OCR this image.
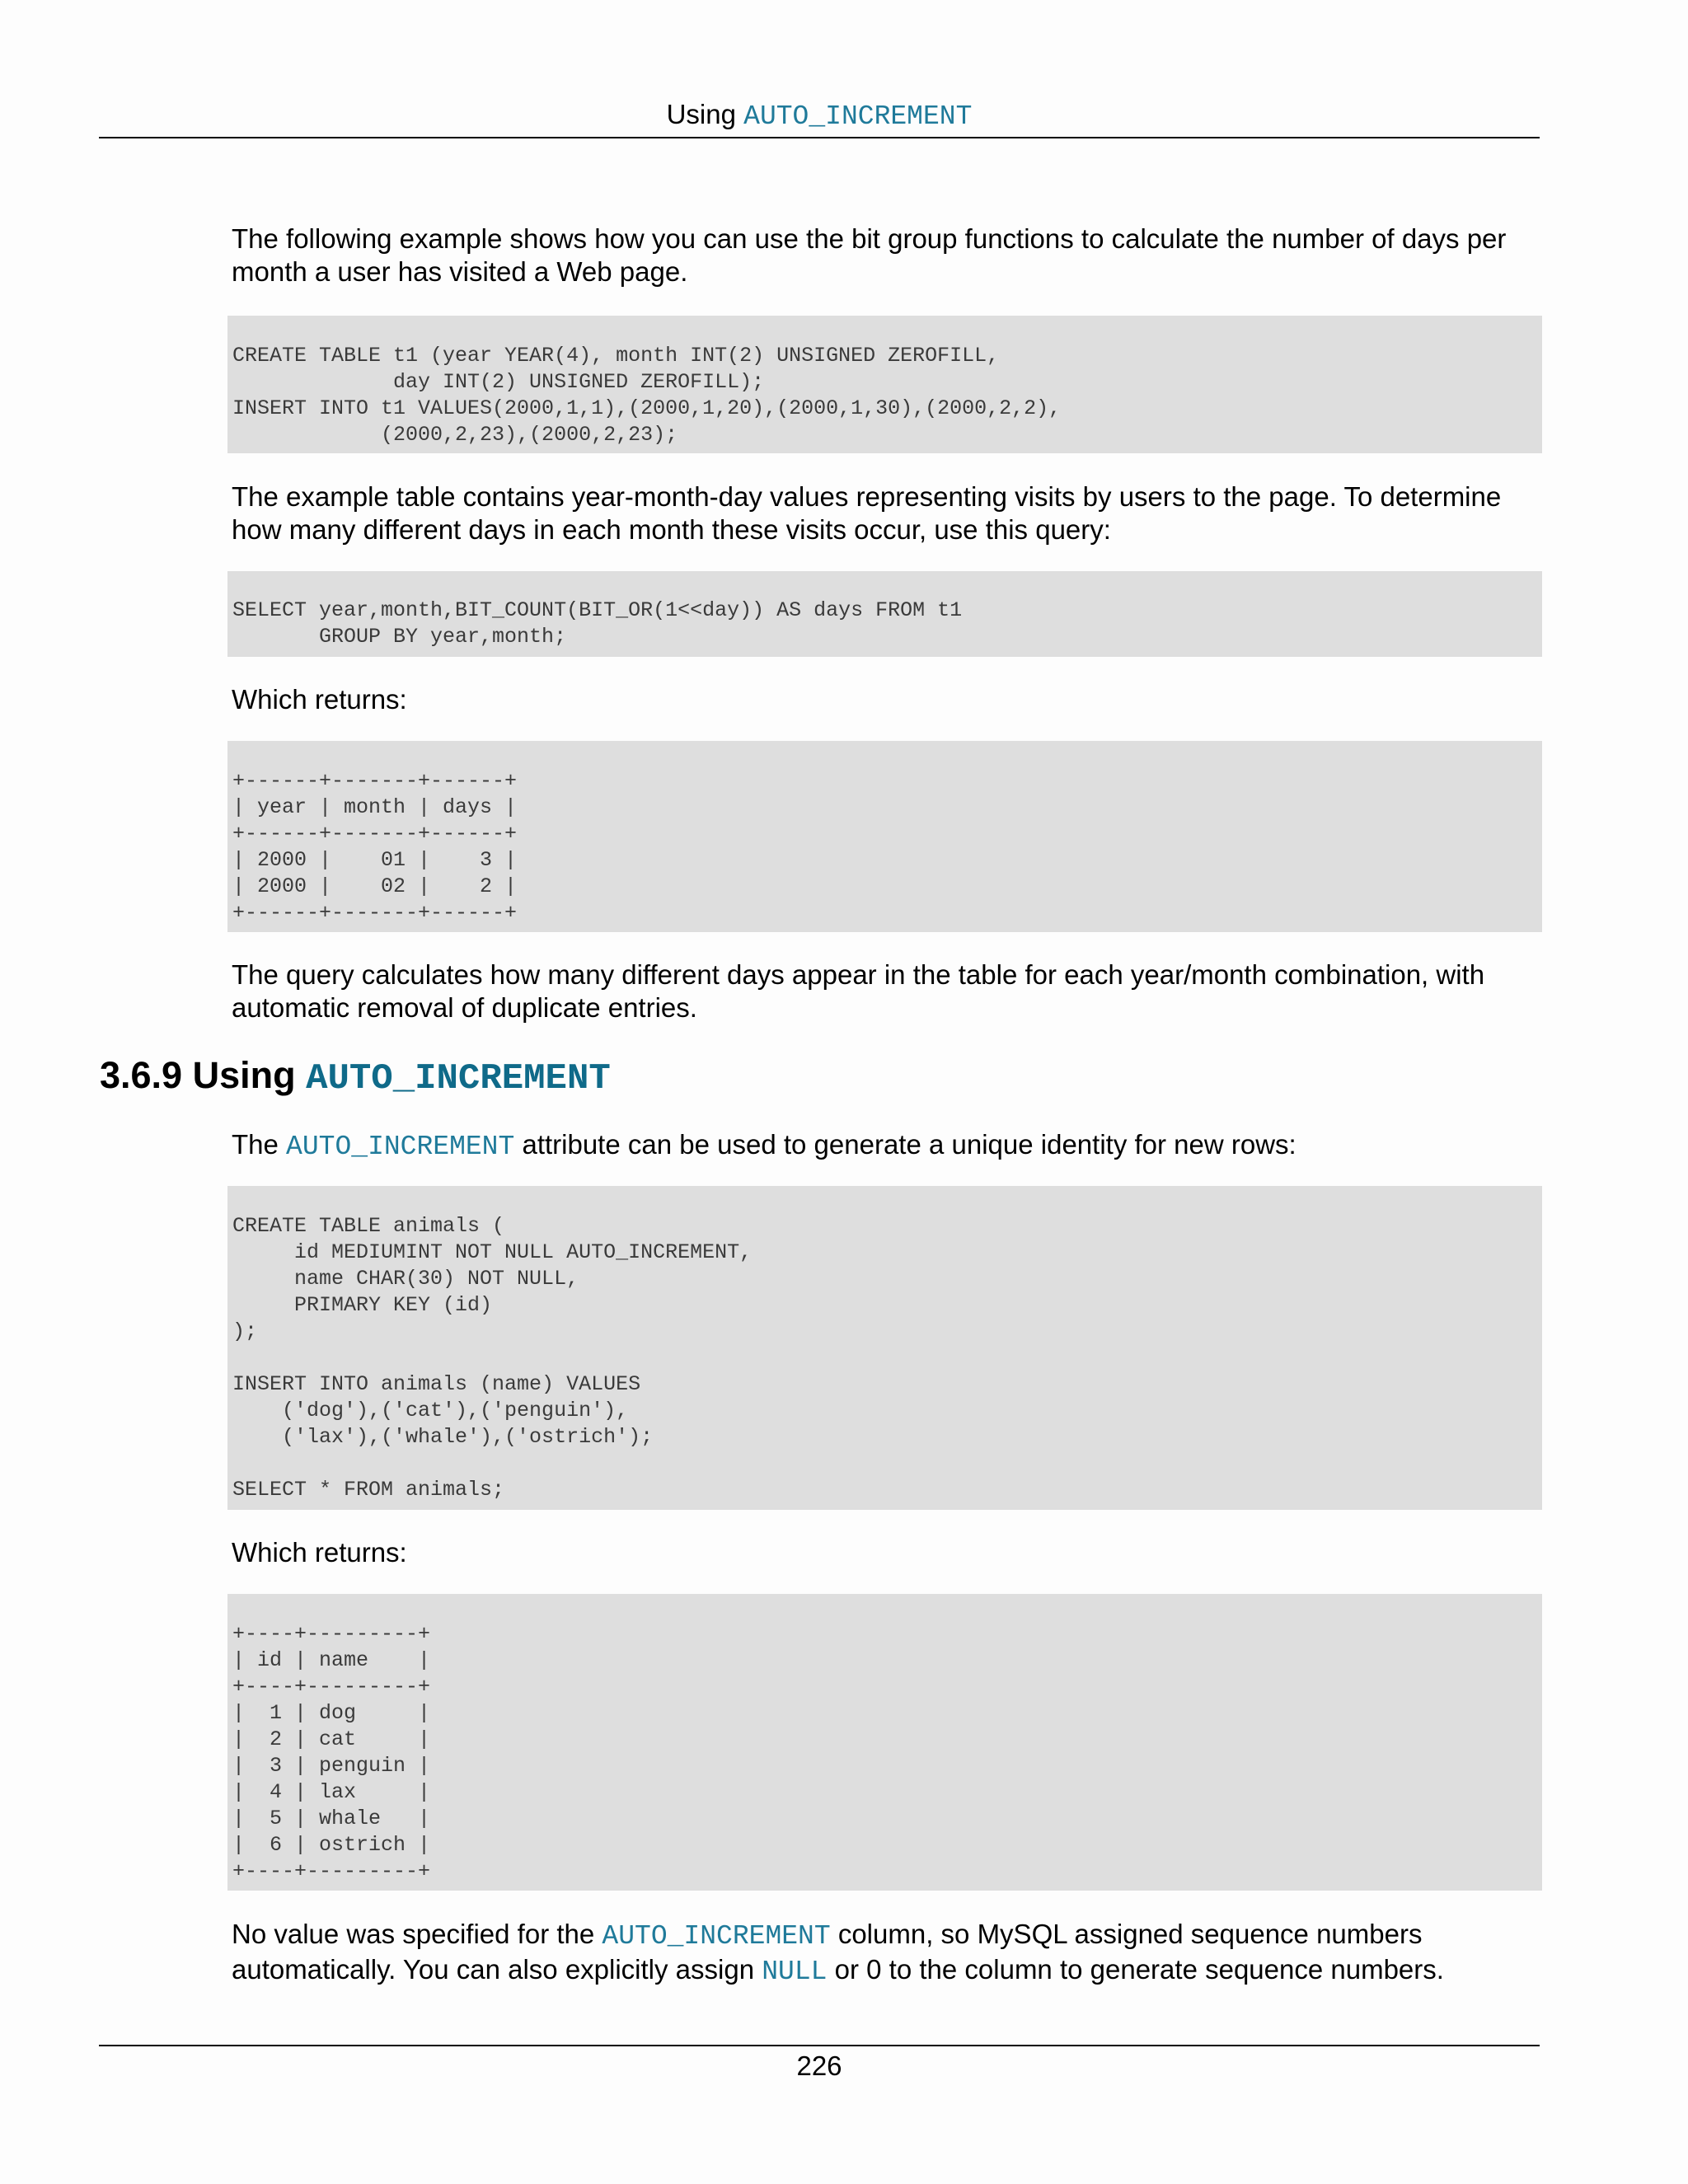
Using AUTO_INCREMENT

The following example shows how you can use the bit group functions to calculate the number of days per month a user has visited a Web page.

CREATE TABLE t1 (year YEAR(4), month INT(2) UNSIGNED ZEROFILL,
day INT(2) UNSIGNED ZEROFILL);
INSERT INTO t1 VALUES(2000,1,1),(2000,1,20),(2000,1,30),(2000,2,2),
(2000,2,23),(2000,2,23);

The example table contains year-month-day values representing visits by users to the page. To determine how many different days in each month these visits occur, use this query:

SELECT year,month,BIT_COUNT(BIT_OR(1<<day)) AS days FROM t1
GROUP BY year,month;

Which returns:

+------+-------+------+
| year | month | days |
+------+-------+------+
| 2000 |    01 |    3 |
| 2000 |    02 |    2 |
+------+-------+------+

The query calculates how many different days appear in the table for each year/month combination, with automatic removal of duplicate entries.

3.6.9 Using AUTO_INCREMENT

The AUTO_INCREMENT attribute can be used to generate a unique identity for new rows:

CREATE TABLE animals (
id MEDIUMINT NOT NULL AUTO_INCREMENT,
name CHAR(30) NOT NULL,
PRIMARY KEY (id)
);

INSERT INTO animals (name) VALUES
('dog'),('cat'),('penguin'),
('lax'),('whale'),('ostrich');

SELECT * FROM animals;

Which returns:

+----+---------+
| id | name    |
+----+---------+
|  1 | dog     |
|  2 | cat     |
|  3 | penguin |
|  4 | lax     |
|  5 | whale   |
|  6 | ostrich |
+----+---------+

No value was specified for the AUTO_INCREMENT column, so MySQL assigned sequence numbers automatically. You can also explicitly assign NULL or 0 to the column to generate sequence numbers.

226
